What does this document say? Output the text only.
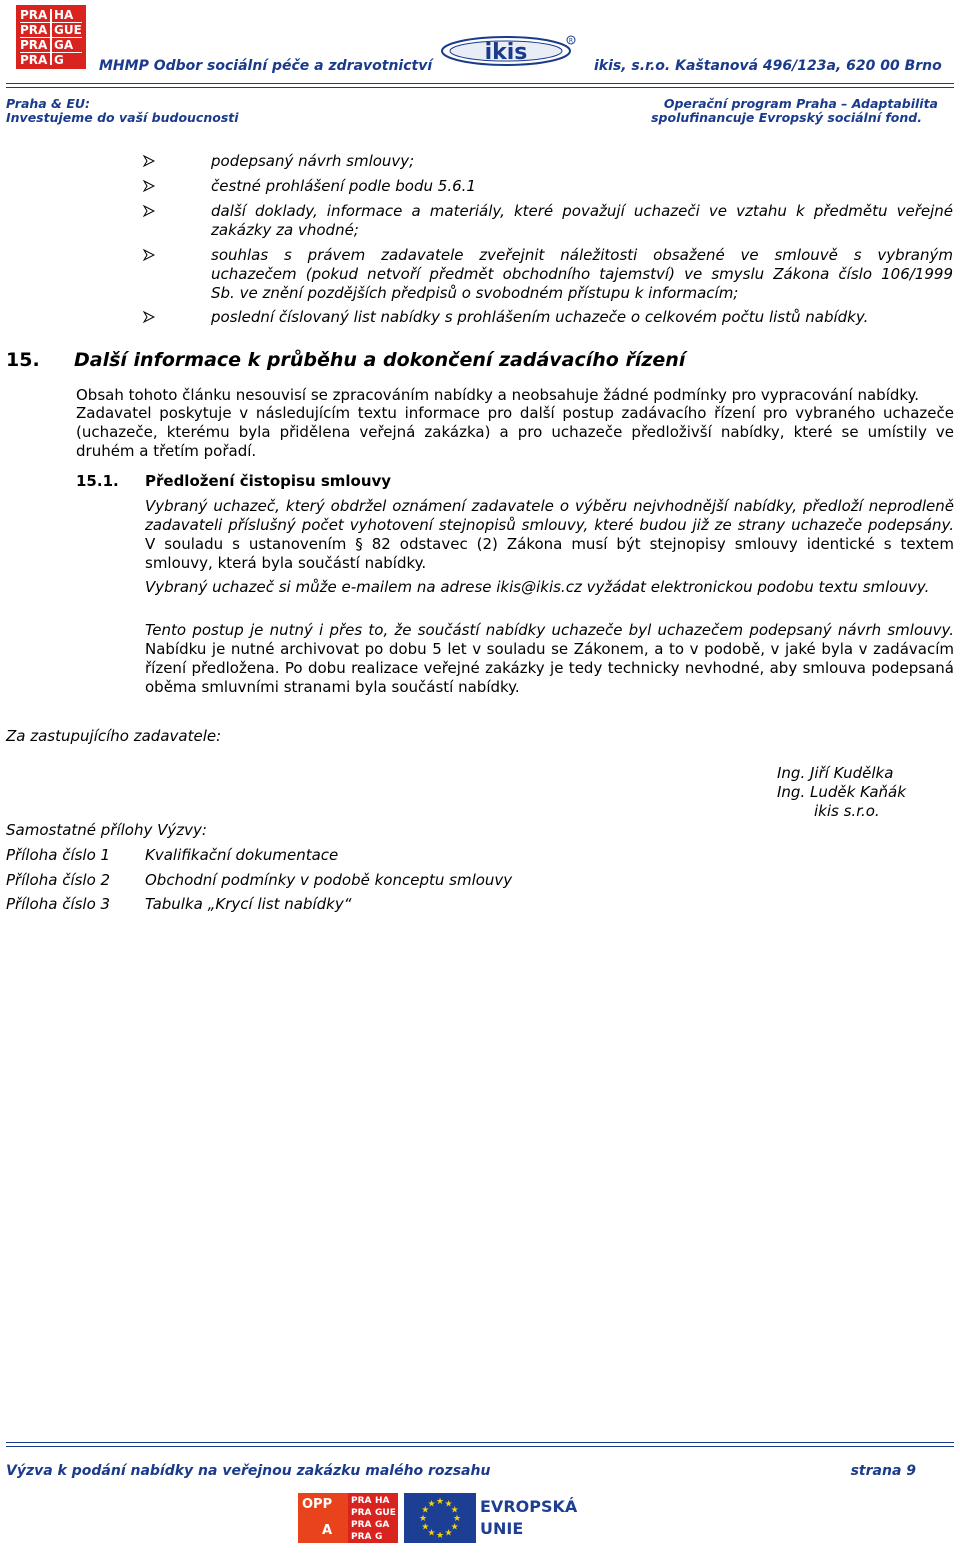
PRA HA
PRA GUE
PRA GA
PRA G	ikis	R
MHMP Odbor sociální péče a zdravotnictví	ikis, s.r.o. Kaštanová 496/123a, 620 00 Brno
Praha & EU:
Investujeme do vaší budoucnosti
Operační program Praha – Adaptabilita
spolufinancuje Evropský sociální fond.
podepsaný návrh smlouvy;
čestné prohlášení podle bodu 5.6.1
další doklady, informace a materiály, které považují uchazeči ve vztahu k předmětu veřejné
zakázky za vhodné;
souhlas s právem zadavatele zveřejnit náležitosti obsažené ve smlouvě s vybraným
uchazečem (pokud netvoří předmět obchodního tajemství) ve smyslu Zákona číslo 106/1999
Sb. ve znění pozdějších předpisů o svobodném přístupu k informacím;
poslední číslovaný list nabídky s prohlášením uchazeče o celkovém počtu listů nabídky.
15. Další informace k průběhu a dokončení zadávacího řízení
Obsah tohoto článku nesouvisí se zpracováním nabídky a neobsahuje žádné podmínky pro vypracování nabídky.
Zadavatel poskytuje v následujícím textu informace pro další postup zadávacího řízení pro vybraného uchazeče (uchazeče, kterému byla přidělena veřejná zakázka) a pro uchazeče předloživší nabídky, které se umístily ve druhém a třetím pořadí.
15.1. Předložení čistopisu smlouvy
Vybraný uchazeč, který obdržel oznámení zadavatele o výběru nejvhodnější nabídky, předloží neprodleně zadavateli příslušný počet vyhotovení stejnopisů smlouvy, které budou již ze strany uchazeče podepsány. V souladu s ustanovením § 82 odstavec (2) Zákona musí být stejnopisy smlouvy identické s textem smlouvy, která byla součástí nabídky.
Vybraný uchazeč si může e-mailem na adrese ikis@ikis.cz vyžádat elektronickou podobu textu smlouvy.
Tento postup je nutný i přes to, že součástí nabídky uchazeče byl uchazečem podepsaný návrh smlouvy. Nabídku je nutné archivovat po dobu 5 let v souladu se Zákonem, a to v podobě, v jaké byla v zadávacím řízení předložena. Po dobu realizace veřejné zakázky je tedy technicky nevhodné, aby smlouva podepsaná oběma smluvními stranami byla součástí nabídky.
Za zastupujícího zadavatele:
Ing. Jiří Kudělka
Ing. Luděk Kaňák
ikis s.r.o.
Samostatné přílohy Výzvy:
Příloha číslo 1 Kvalifikační dokumentace
Příloha číslo 2 Obchodní podmínky v podobě konceptu smlouvy
Příloha číslo 3 Tabulka „Krycí list nabídky“
Výzva k podání nabídky na veřejnou zakázku malého rozsahu	strana 9
OPP
A
PRA HA
PRA GUE
PRA GA
PRA G
★ ★
★
★
★
★
★
★
★
★
★
★	EVROPSKÁ
UNIE
